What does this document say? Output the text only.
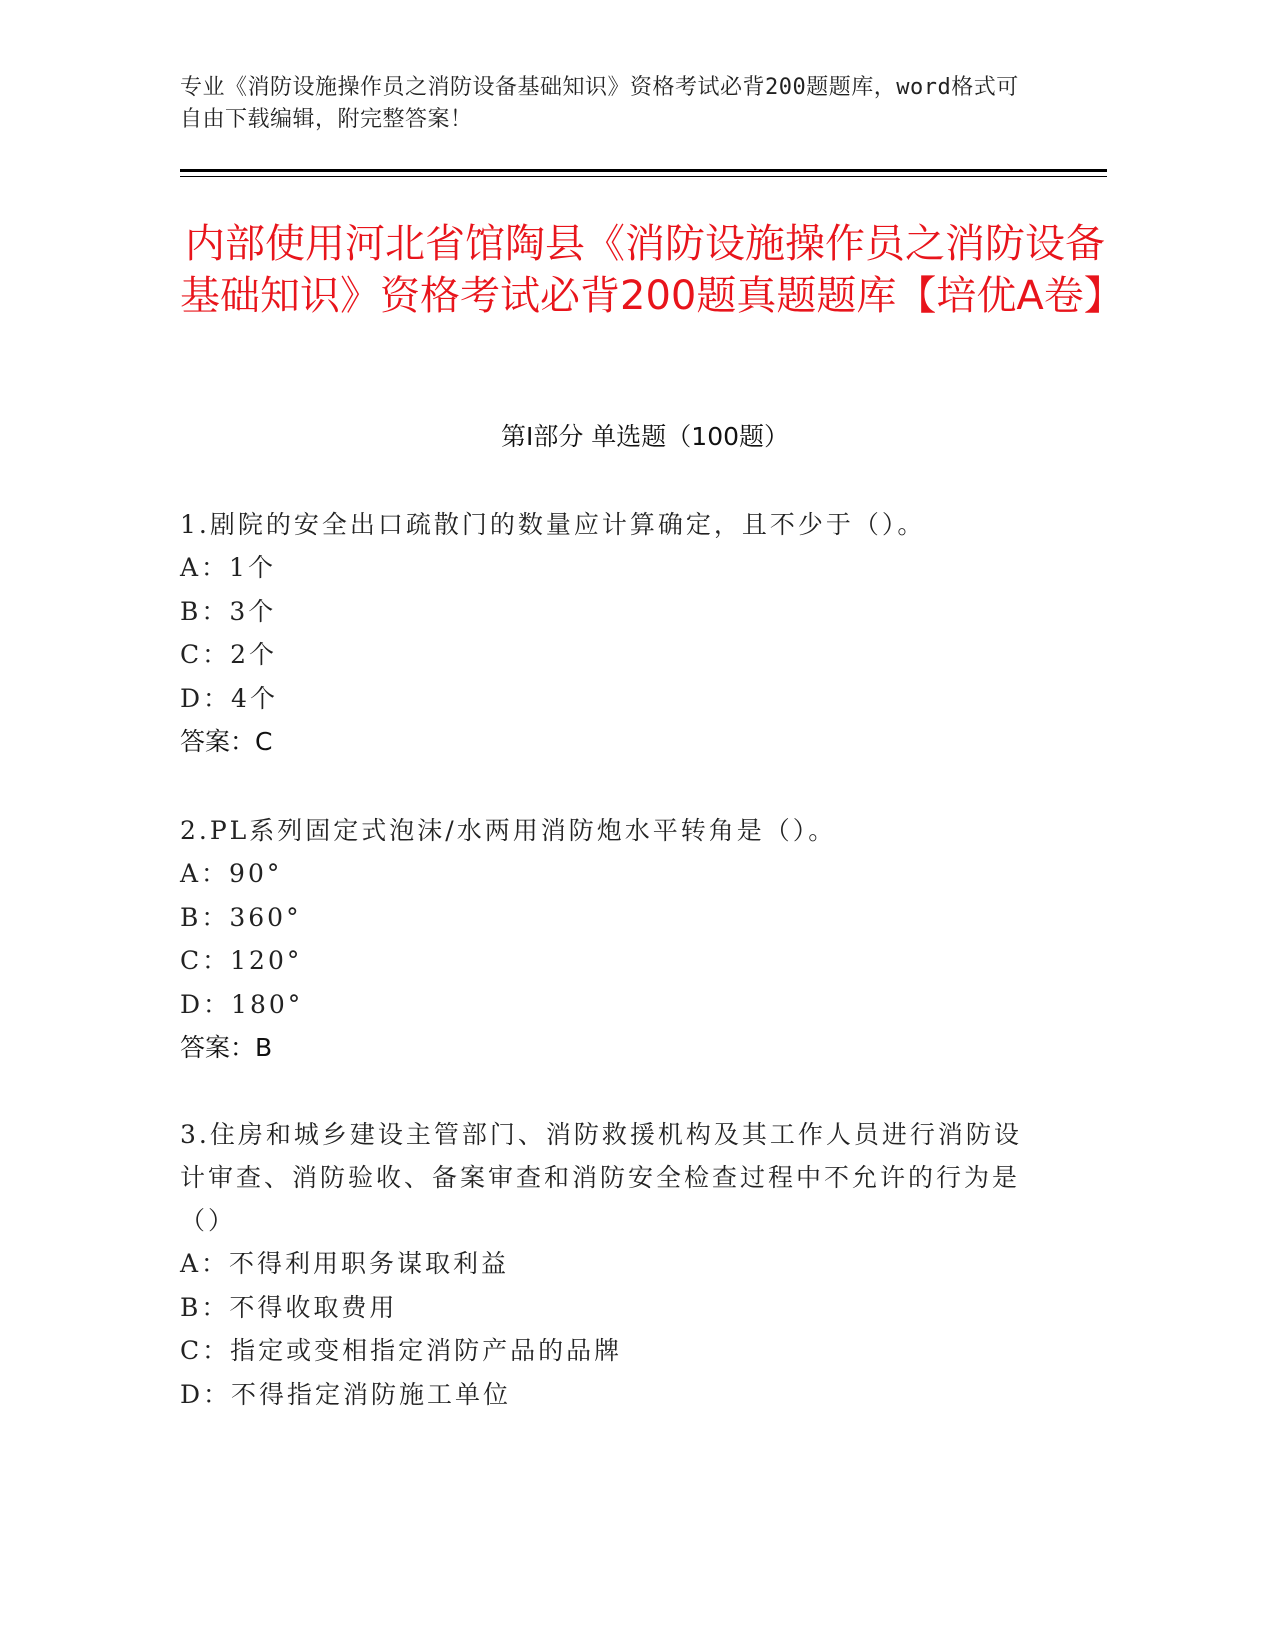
专业《消防设施操作员之消防设备基础知识》资格考试必背200题题库，word格式可自由下载编辑，附完整答案！
内部使用河北省馆陶县《消防设施操作员之消防设备基础知识》资格考试必背200题真题题库【培优A卷】
第Ⅰ部分 单选题（100题）
1.剧院的安全出口疏散门的数量应计算确定，且不少于（）。
A：1个
B：3个
C：2个
D：4个
答案：C
2.PL系列固定式泡沫/水两用消防炮水平转角是（）。
A：90°
B：360°
C：120°
D：180°
答案：B
3.住房和城乡建设主管部门、消防救援机构及其工作人员进行消防设计审查、消防验收、备案审查和消防安全检查过程中不允许的行为是（）
A：不得利用职务谋取利益
B：不得收取费用
C：指定或变相指定消防产品的品牌
D：不得指定消防施工单位
